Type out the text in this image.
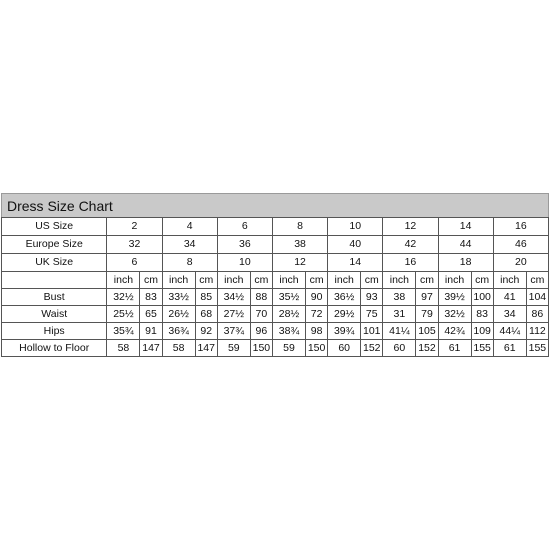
Dress Size Chart
US Size	2		4		6		8		10		12		14		16	
Europe Size	32		34		36		38		40		42		44		46	
UK Size	6		8		10		12		14		16		18		20	
	inch	cm	inch	cm	inch	cm	inch	cm	inch	cm	inch	cm	inch	cm	inch	cm
Bust	32½	83	33½	85	34½	88	35½	90	36½	93	38	97	39½	100	41	104
Waist	25½	65	26½	68	27½	70	28½	72	29½	75	31	79	32½	83	34	86
Hips	35¾	91	36¾	92	37¾	96	38¾	98	39¾	101	41¼	105	42¾	109	44¼	112
Hollow to Floor	58	147	58	147	59	150	59	150	60	152	60	152	61	155	61	155
